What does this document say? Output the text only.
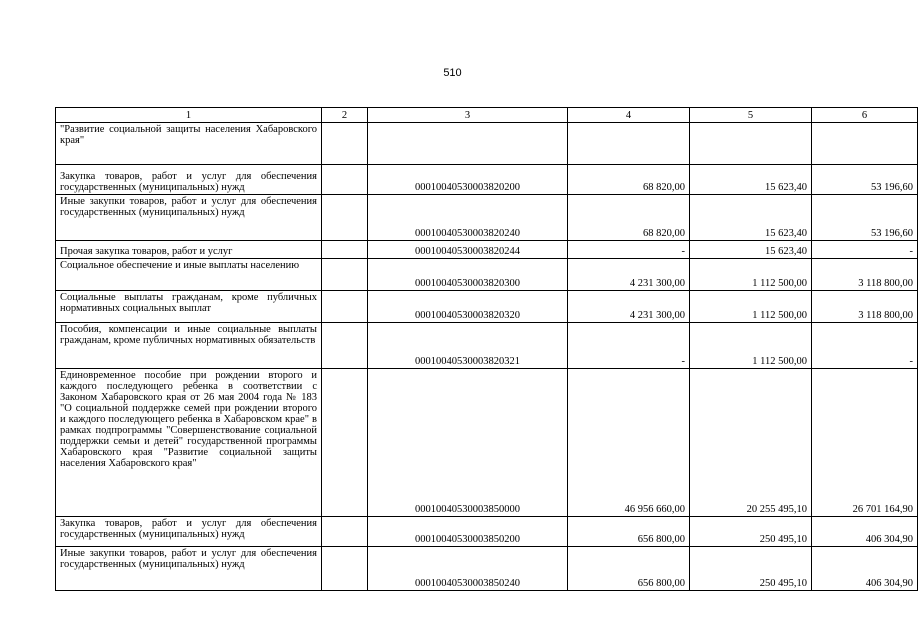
510
1	2	3	4	5	6
"Развитие социальной защиты населения Хабаровского края"					
Закупка товаров, работ и услуг для обеспечения государственных (муниципальных) нужд		00010040530003820200	68 820,00	15 623,40	53 196,60
Иные закупки товаров, работ и услуг для обеспечения государственных (муниципальных) нужд		00010040530003820240	68 820,00	15 623,40	53 196,60
Прочая закупка товаров, работ и услуг		00010040530003820244	-	15 623,40	-
Социальное обеспечение и иные выплаты населению		00010040530003820300	4 231 300,00	1 112 500,00	3 118 800,00
Социальные выплаты гражданам, кроме публичных нормативных социальных выплат		00010040530003820320	4 231 300,00	1 112 500,00	3 118 800,00
Пособия, компенсации и иные социальные выплаты гражданам, кроме публичных нормативных обязательств		00010040530003820321	-	1 112 500,00	-
Единовременное пособие при рождении второго и каждого последующего ребенка в соответствии с Законом Хабаровского края от 26 мая 2004 года № 183 "О социальной поддержке семей при рождении второго и каждого последующего ребенка в Хабаровском крае" в рамках подпрограммы "Совершенствование социальной поддержки семьи и детей" государственной программы Хабаровского края "Развитие социальной защиты населения Хабаровского края"		00010040530003850000	46 956 660,00	20 255 495,10	26 701 164,90
Закупка товаров, работ и услуг для обеспечения государственных (муниципальных) нужд		00010040530003850200	656 800,00	250 495,10	406 304,90
Иные закупки товаров, работ и услуг для обеспечения государственных (муниципальных) нужд		00010040530003850240	656 800,00	250 495,10	406 304,90
